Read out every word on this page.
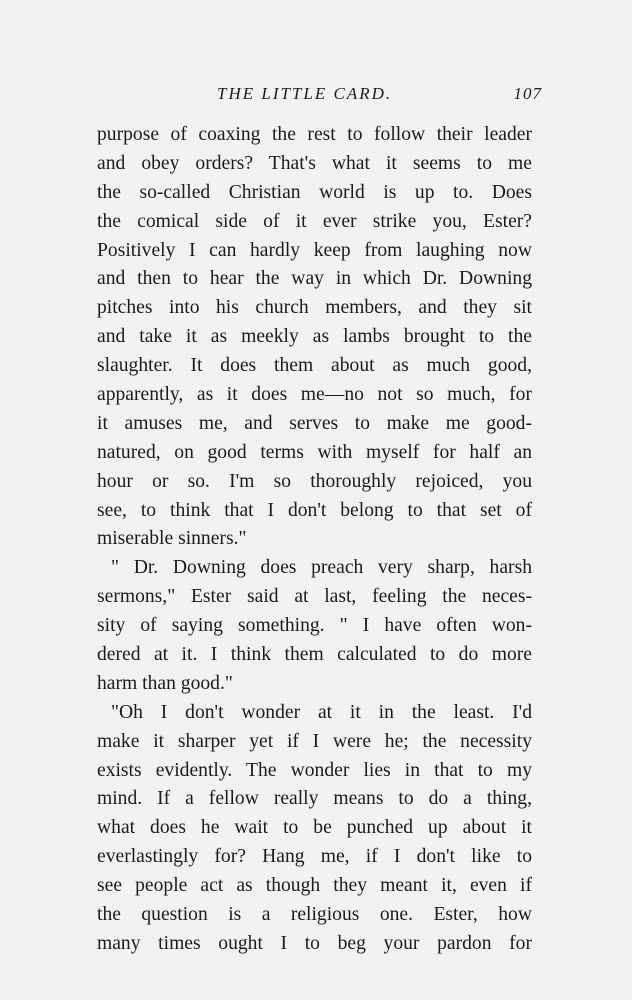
THE LITTLE CARD.	107
purpose of coaxing the rest to follow their leader
and obey orders? That's what it seems to me
the so-called Christian world is up to. Does
the comical side of it ever strike you, Ester?
Positively I can hardly keep from laughing now
and then to hear the way in which Dr. Downing
pitches into his church members, and they sit
and take it as meekly as lambs brought to the
slaughter. It does them about as much good,
apparently, as it does me—no not so much, for
it amuses me, and serves to make me good-
natured, on good terms with myself for half an
hour or so. I'm so thoroughly rejoiced, you
see, to think that I don't belong to that set of
miserable sinners."
" Dr. Downing does preach very sharp, harsh
sermons," Ester said at last, feeling the neces-
sity of saying something. " I have often won-
dered at it. I think them calculated to do more
harm than good."
"Oh I don't wonder at it in the least. I'd
make it sharper yet if I were he; the necessity
exists evidently. The wonder lies in that to my
mind. If a fellow really means to do a thing,
what does he wait to be punched up about it
everlastingly for? Hang me, if I don't like to
see people act as though they meant it, even if
the question is a religious one. Ester, how
many times ought I to beg your pardon for
